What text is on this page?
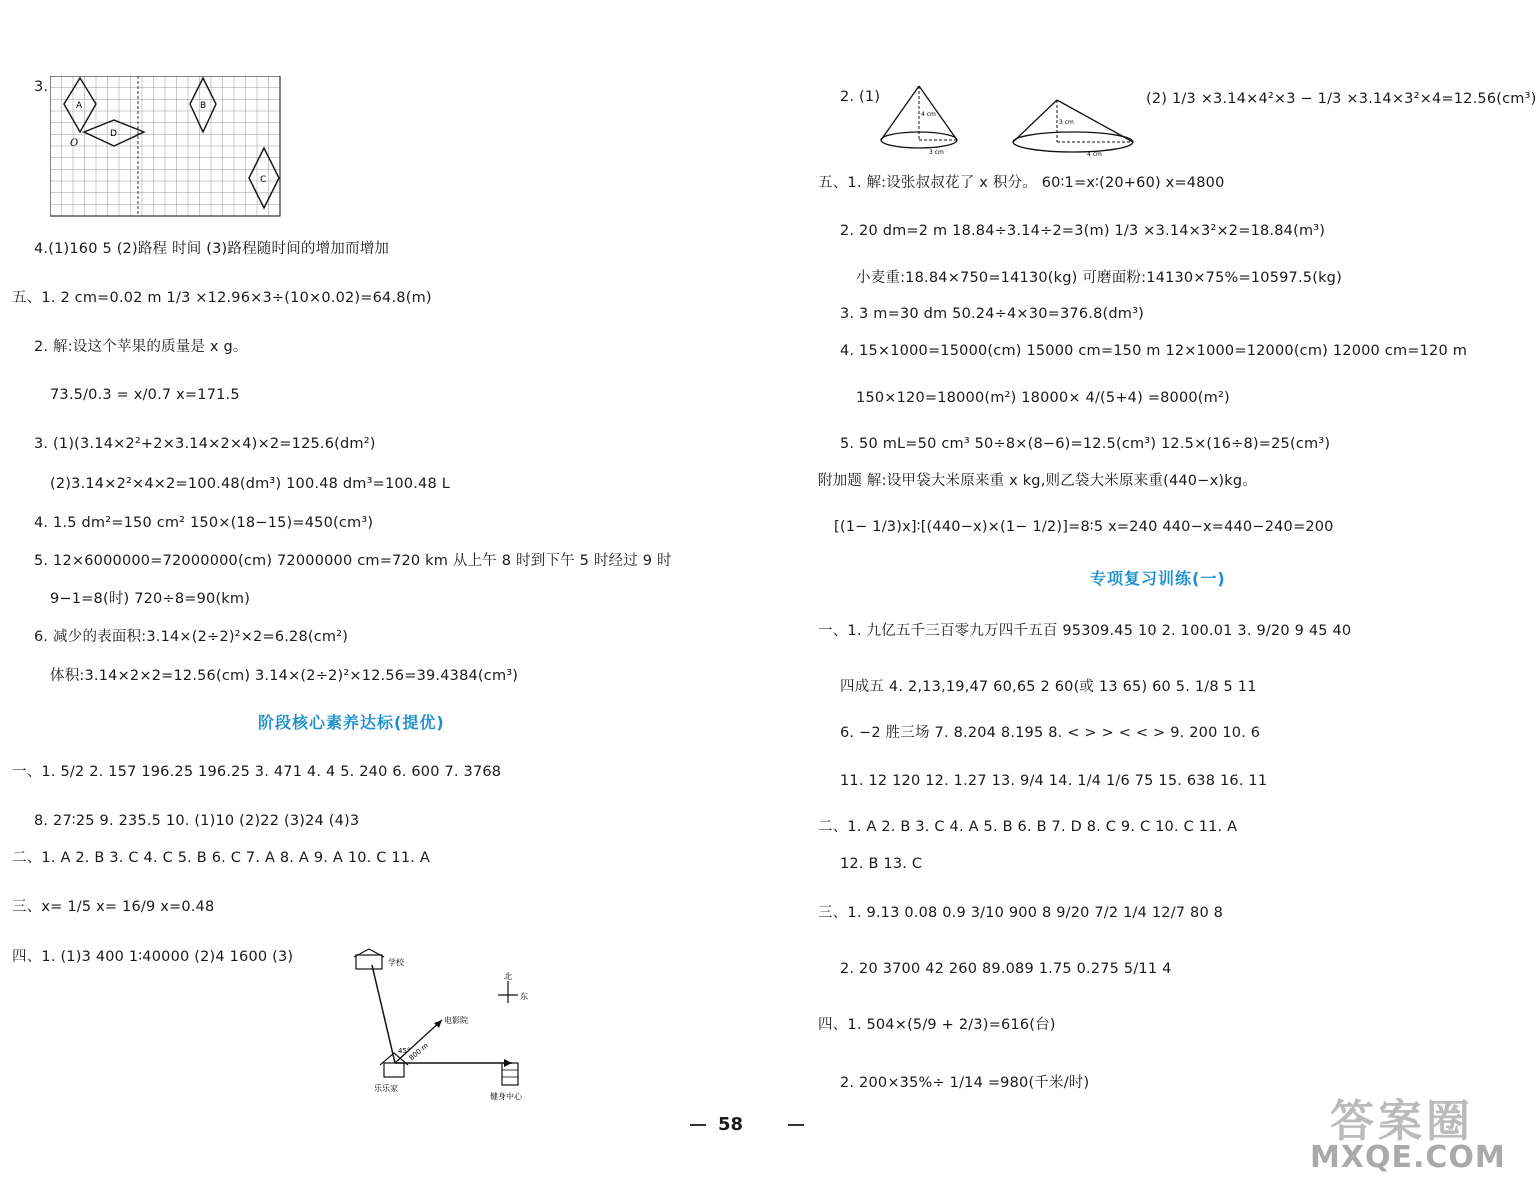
3.
A
D
B
C
O
4.(1)160 5 (2)路程 时间 (3)路程随时间的增加而增加
五、1. 2 cm=0.02 m 1/3 ×12.96×3÷(10×0.02)=64.8(m)
2. 解:设这个苹果的质量是 x g。
73.5/0.3 = x/0.7 x=171.5
3. (1)(3.14×2²+2×3.14×2×4)×2=125.6(dm²)
(2)3.14×2²×4×2=100.48(dm³) 100.48 dm³=100.48 L
4. 1.5 dm²=150 cm² 150×(18−15)=450(cm³)
5. 12×6000000=72000000(cm) 72000000 cm=720 km 从上午 8 时到下午 5 时经过 9 时
9−1=8(时) 720÷8=90(km)
6. 减少的表面积:3.14×(2÷2)²×2=6.28(cm²)
体积:3.14×2×2=12.56(cm) 3.14×(2÷2)²×12.56=39.4384(cm³)
阶段核心素养达标(提优)
一、1. 5/2 2. 157 196.25 196.25 3. 471 4. 4 5. 240 6. 600 7. 3768
8. 27∶25 9. 235.5 10. (1)10 (2)22 (3)24 (4)3
二、1. A 2. B 3. C 4. C 5. B 6. C 7. A 8. A 9. A 10. C 11. A
三、x= 1/5 x= 16/9 x=0.48
四、1. (1)3 400 1∶40000 (2)4 1600 (3)	学校
电影院
乐乐家
健身中心
45°
800 m
北
东
2. (1)
4 cm
3 cm
3 cm
4 cm
(2) 1/3 ×3.14×4²×3 − 1/3 ×3.14×3²×4=12.56(cm³)
五、1. 解:设张叔叔花了 x 积分。 60∶1=x∶(20+60) x=4800
2. 20 dm=2 m 18.84÷3.14÷2=3(m) 1/3 ×3.14×3²×2=18.84(m³)
小麦重:18.84×750=14130(kg) 可磨面粉:14130×75%=10597.5(kg)
3. 3 m=30 dm 50.24÷4×30=376.8(dm³)
4. 15×1000=15000(cm) 15000 cm=150 m 12×1000=12000(cm) 12000 cm=120 m
150×120=18000(m²) 18000× 4/(5+4) =8000(m²)
5. 50 mL=50 cm³ 50÷8×(8−6)=12.5(cm³) 12.5×(16÷8)=25(cm³)
附加题 解:设甲袋大米原来重 x kg,则乙袋大米原来重(440−x)kg。
[(1− 1/3)x]∶[(440−x)×(1− 1/2)]=8∶5 x=240 440−x=440−240=200
专项复习训练(一)
一、1. 九亿五千三百零九万四千五百 95309.45 10 2. 100.01 3. 9/20 9 45 40
四成五 4. 2,13,19,47 60,65 2 60(或 13 65) 60 5. 1/8 5 11
6. −2 胜三场 7. 8.204 8.195 8. < > > < < > 9. 200 10. 6
11. 12 120 12. 1.27 13. 9/4 14. 1/4 1/6 75 15. 638 16. 11
二、1. A 2. B 3. C 4. A 5. B 6. B 7. D 8. C 9. C 10. C 11. A
12. B 13. C
三、1. 9.13 0.08 0.9 3/10 900 8 9/20 7/2 1/4 12/7 80 8
2. 20 3700 42 260 89.089 1.75 0.275 5/11 4
四、1. 504×(5/9 + 2/3)=616(台)
2. 200×35%÷ 1/14 =980(千米/时)
58	答案圈
MXQE.COM
